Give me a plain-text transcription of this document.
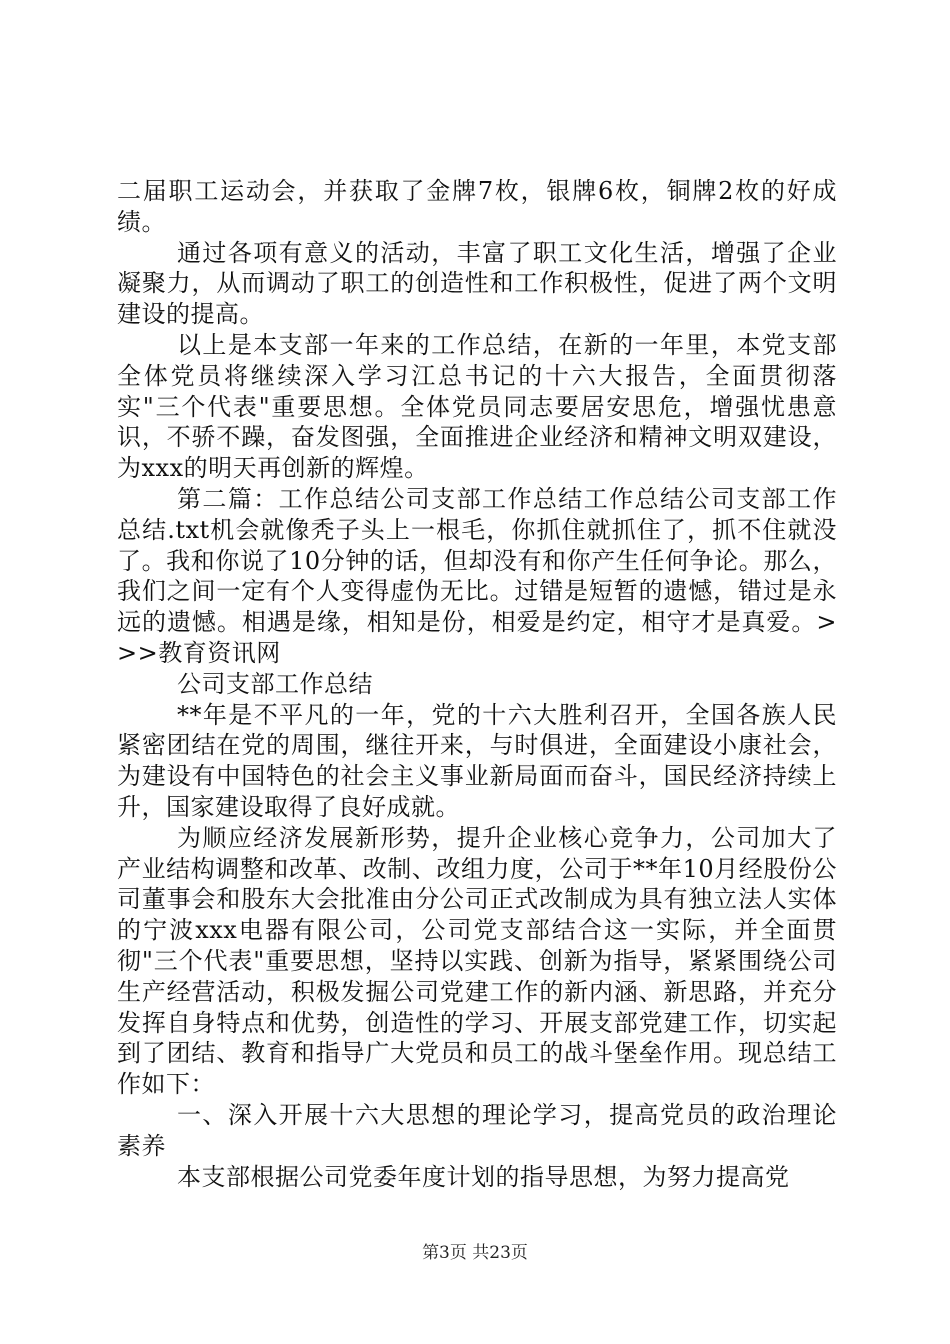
二届职工运动会，并获取了金牌7枚，银牌6枚，铜牌2枚的好成绩。

通过各项有意义的活动，丰富了职工文化生活，增强了企业凝聚力，从而调动了职工的创造性和工作积极性，促进了两个文明建设的提高。

以上是本支部一年来的工作总结，在新的一年里，本党支部全体党员将继续深入学习江总书记的十六大报告，全面贯彻落实"三个代表"重要思想。全体党员同志要居安思危，增强忧患意识，不骄不躁，奋发图强，全面推进企业经济和精神文明双建设，为xxx的明天再创新的辉煌。

第二篇：工作总结公司支部工作总结工作总结公司支部工作总结.txt机会就像秃子头上一根毛，你抓住就抓住了，抓不住就没了。我和你说了10分钟的话，但却没有和你产生任何争论。那么，我们之间一定有个人变得虚伪无比。过错是短暂的遗憾，错过是永远的遗憾。相遇是缘，相知是份，相爱是约定，相守才是真爱。>>>教育资讯网

公司支部工作总结

**年是不平凡的一年，党的十六大胜利召开，全国各族人民紧密团结在党的周围，继往开来，与时俱进，全面建设小康社会，为建设有中国特色的社会主义事业新局面而奋斗，国民经济持续上升，国家建设取得了良好成就。

为顺应经济发展新形势，提升企业核心竞争力，公司加大了产业结构调整和改革、改制、改组力度，公司于**年10月经股份公司董事会和股东大会批准由分公司正式改制成为具有独立法人实体的宁波xxx电器有限公司，公司党支部结合这一实际，并全面贯彻"三个代表"重要思想，坚持以实践、创新为指导，紧紧围绕公司生产经营活动，积极发掘公司党建工作的新内涵、新思路，并充分发挥自身特点和优势，创造性的学习、开展支部党建工作，切实起到了团结、教育和指导广大党员和员工的战斗堡垒作用。现总结工作如下：

一、深入开展十六大思想的理论学习，提高党员的政治理论素养

本支部根据公司党委年度计划的指导思想，为努力提高党

第3页 共23页
